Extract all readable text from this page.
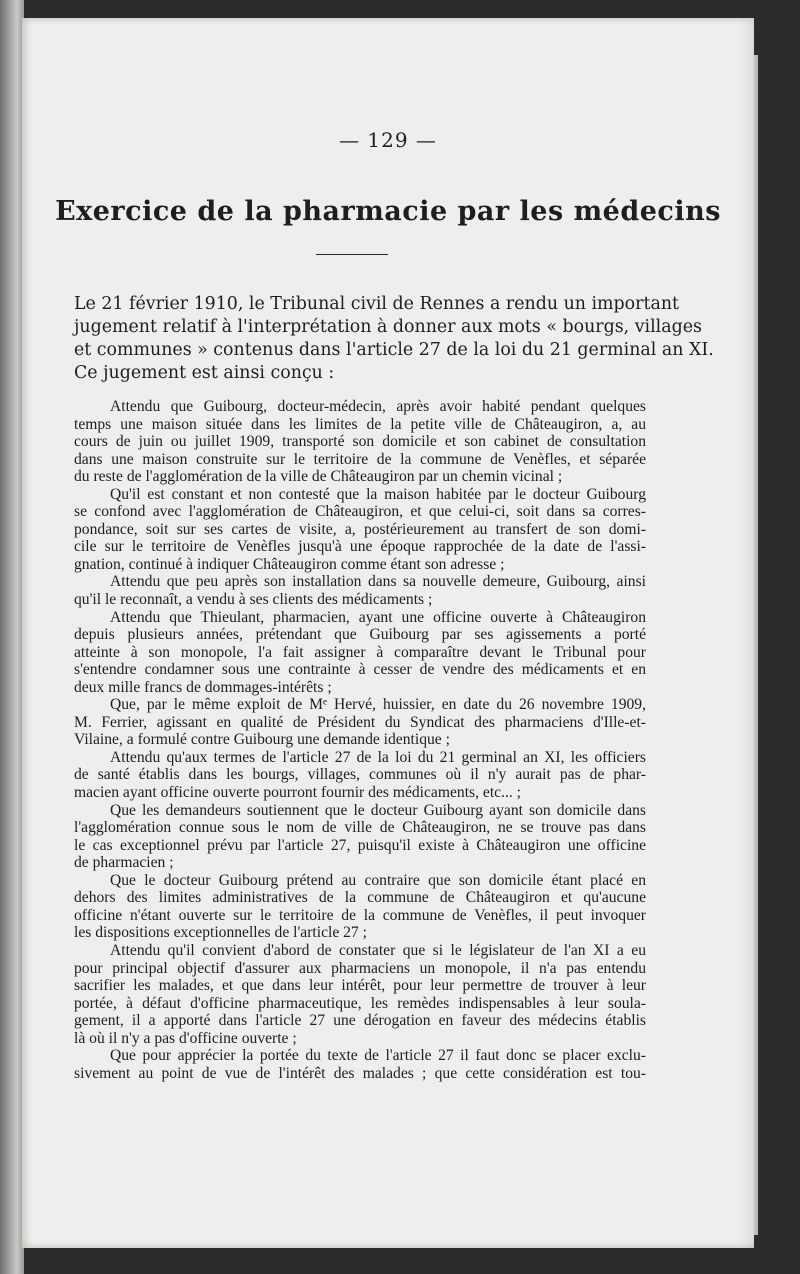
— 129 —
Exercice de la pharmacie par les médecins
Le 21 février 1910, le Tribunal civil de Rennes a rendu un important
jugement relatif à l'interprétation à donner aux mots « bourgs, villages
et communes » contenus dans l'article 27 de la loi du 21 germinal an XI.
Ce jugement est ainsi conçu :
Attendu que Guibourg, docteur-médecin, après avoir habité pendant quelques
temps une maison située dans les limites de la petite ville de Châteaugiron, a, au
cours de juin ou juillet 1909, transporté son domicile et son cabinet de consultation
dans une maison construite sur le territoire de la commune de Venèfles, et séparée
du reste de l'agglomération de la ville de Châteaugiron par un chemin vicinal ;
Qu'il est constant et non contesté que la maison habitée par le docteur Guibourg
se confond avec l'agglomération de Châteaugiron, et que celui-ci, soit dans sa corres-
pondance, soit sur ses cartes de visite, a, postérieurement au transfert de son domi-
cile sur le territoire de Venèfles jusqu'à une époque rapprochée de la date de l'assi-
gnation, continué à indiquer Châteaugiron comme étant son adresse ;
Attendu que peu après son installation dans sa nouvelle demeure, Guibourg, ainsi
qu'il le reconnaît, a vendu à ses clients des médicaments ;
Attendu que Thieulant, pharmacien, ayant une officine ouverte à Châteaugiron
depuis plusieurs années, prétendant que Guibourg par ses agissements a porté
atteinte à son monopole, l'a fait assigner à comparaître devant le Tribunal pour
s'entendre condamner sous une contrainte à cesser de vendre des médicaments et en
deux mille francs de dommages-intérêts ;
Que, par le même exploit de Mᵉ Hervé, huissier, en date du 26 novembre 1909,
M. Ferrier, agissant en qualité de Président du Syndicat des pharmaciens d'Ille-et-
Vilaine, a formulé contre Guibourg une demande identique ;
Attendu qu'aux termes de l'article 27 de la loi du 21 germinal an XI, les officiers
de santé établis dans les bourgs, villages, communes où il n'y aurait pas de phar-
macien ayant officine ouverte pourront fournir des médicaments, etc... ;
Que les demandeurs soutiennent que le docteur Guibourg ayant son domicile dans
l'agglomération connue sous le nom de ville de Châteaugiron, ne se trouve pas dans
le cas exceptionnel prévu par l'article 27, puisqu'il existe à Châteaugiron une officine
de pharmacien ;
Que le docteur Guibourg prétend au contraire que son domicile étant placé en
dehors des limites administratives de la commune de Châteaugiron et qu'aucune
officine n'étant ouverte sur le territoire de la commune de Venèfles, il peut invoquer
les dispositions exceptionnelles de l'article 27 ;
Attendu qu'il convient d'abord de constater que si le législateur de l'an XI a eu
pour principal objectif d'assurer aux pharmaciens un monopole, il n'a pas entendu
sacrifier les malades, et que dans leur intérêt, pour leur permettre de trouver à leur
portée, à défaut d'officine pharmaceutique, les remèdes indispensables à leur soula-
gement, il a apporté dans l'article 27 une dérogation en faveur des médecins établis
là où il n'y a pas d'officine ouverte ;
Que pour apprécier la portée du texte de l'article 27 il faut donc se placer exclu-
sivement au point de vue de l'intérêt des malades ; que cette considération est tou-
